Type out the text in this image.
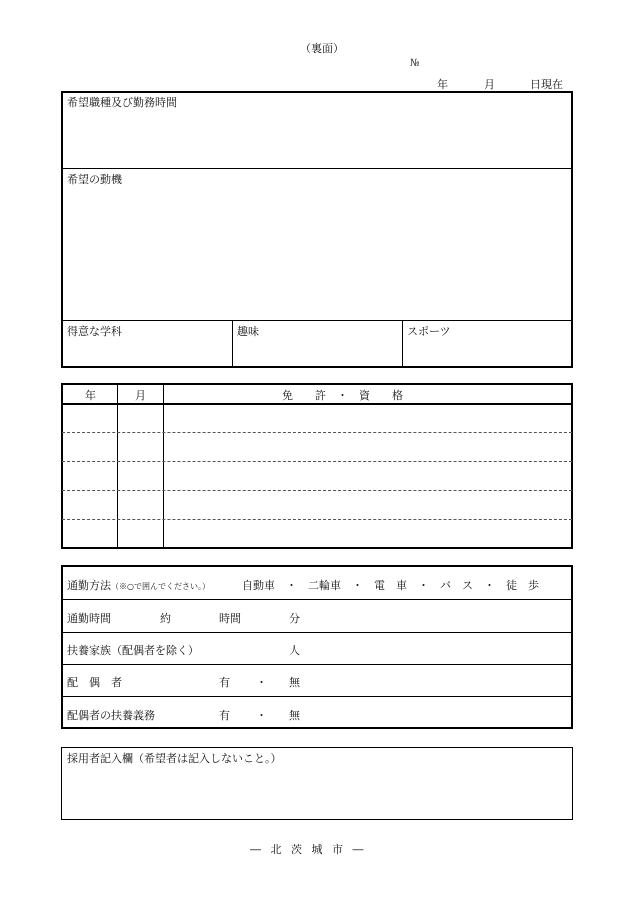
（裏面）
№
年	月	日現在
希望職種及び勤務時間
希望の動機
得意な学科	趣味	スポーツ
年	月	免　　許　・　資　　格
通勤方法（※○で囲んでください。）	自動車　・　二輪車　・　電　車　・　バ　ス　・　徒　歩
通勤時間	約	時間	分
扶養家族（配偶者を除く）	人
配　偶　者	有 ・ 無
配偶者の扶養義務	有 ・ 無
採用者記入欄（希望者は記入しないこと。）
― 北 茨 城 市 ―
